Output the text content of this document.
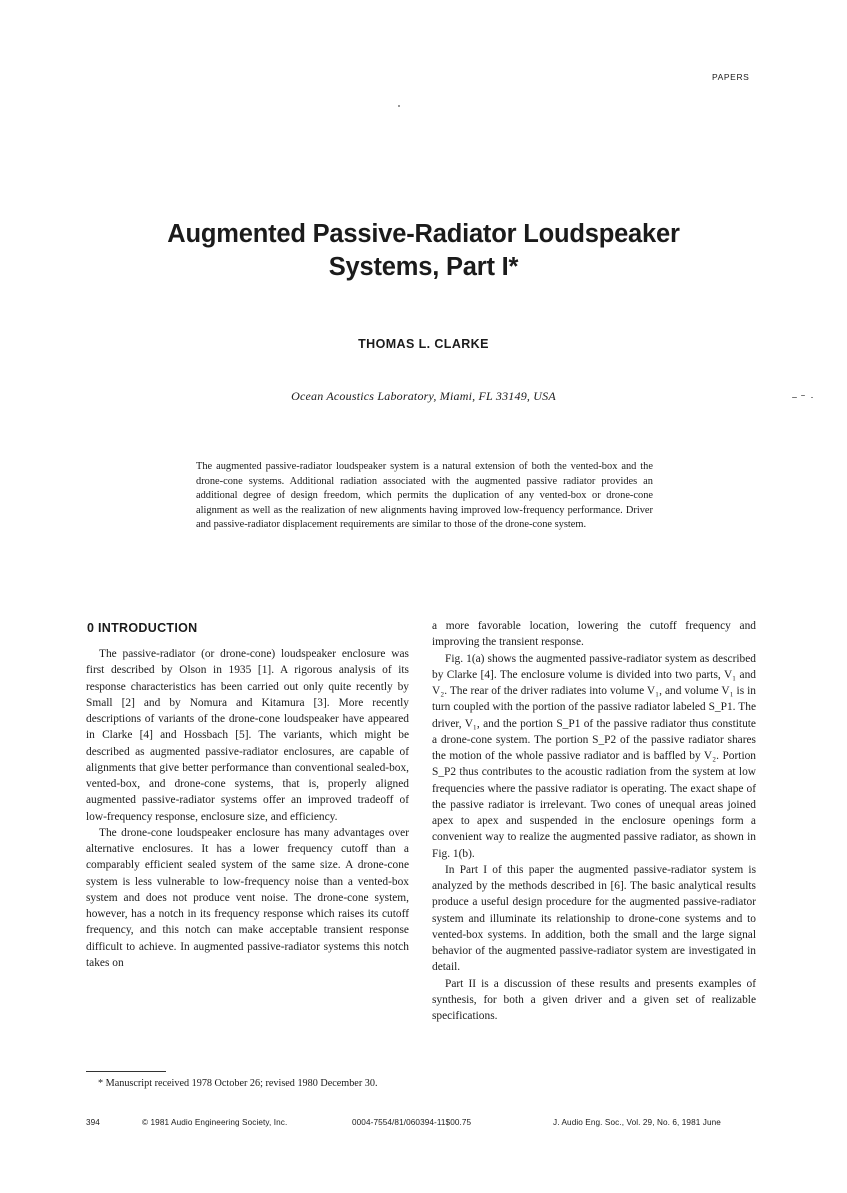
PAPERS
Augmented Passive-Radiator Loudspeaker
Systems, Part I*
THOMAS L. CLARKE
Ocean Acoustics Laboratory, Miami, FL 33149, USA
The augmented passive-radiator loudspeaker system is a natural extension of both the vented-box and the drone-cone systems. Additional radiation associated with the augmented passive radiator provides an additional degree of design freedom, which permits the duplication of any vented-box or drone-cone alignment as well as the realization of new alignments having improved low-frequency performance. Driver and passive-radiator displacement requirements are similar to those of the drone-cone system.
0 INTRODUCTION

The passive-radiator (or drone-cone) loudspeaker enclosure was first described by Olson in 1935 [1]. A rigorous analysis of its response characteristics has been carried out only quite recently by Small [2] and by Nomura and Kitamura [3]. More recently descriptions of variants of the drone-cone loudspeaker have appeared in Clarke [4] and Hossbach [5]. The variants, which might be described as augmented passive-radiator enclosures, are capable of alignments that give better performance than conventional sealed-box, vented-box, and drone-cone systems, that is, properly aligned augmented passive-radiator systems offer an improved tradeoff of low-frequency response, enclosure size, and efficiency.

The drone-cone loudspeaker enclosure has many advantages over alternative enclosures. It has a lower frequency cutoff than a comparably efficient sealed system of the same size. A drone-cone system is less vulnerable to low-frequency noise than a vented-box system and does not produce vent noise. The drone-cone system, however, has a notch in its frequency response which raises its cutoff frequency, and this notch can make acceptable transient response difficult to achieve. In augmented passive-radiator systems this notch takes on

a more favorable location, lowering the cutoff frequency and improving the transient response.

Fig. 1(a) shows the augmented passive-radiator system as described by Clarke [4]. The enclosure volume is divided into two parts, V₁ and V₂. The rear of the driver radiates into volume V₁, and volume V₁ is in turn coupled with the portion of the passive radiator labeled S_P1. The driver, V₁, and the portion S_P1 of the passive radiator thus constitute a drone-cone system. The portion S_P2 of the passive radiator shares the motion of the whole passive radiator and is baffled by V₂. Portion S_P2 thus contributes to the acoustic radiation from the system at low frequencies where the passive radiator is operating. The exact shape of the passive radiator is irrelevant. Two cones of unequal areas joined apex to apex and suspended in the enclosure openings form a convenient way to realize the augmented passive radiator, as shown in Fig. 1(b).

In Part I of this paper the augmented passive-radiator system is analyzed by the methods described in [6]. The basic analytical results produce a useful design procedure for the augmented passive-radiator system and illuminate its relationship to drone-cone systems and to vented-box systems. In addition, both the small and the large signal behavior of the augmented passive-radiator system are investigated in detail.

Part II is a discussion of these results and presents examples of synthesis, for both a given driver and a given set of realizable specifications.

* Manuscript received 1978 October 26; revised 1980 December 30.
394	© 1981 Audio Engineering Society, Inc.	0004-7554/81/060394-11$00.75	J. Audio Eng. Soc., Vol. 29, No. 6, 1981 June
